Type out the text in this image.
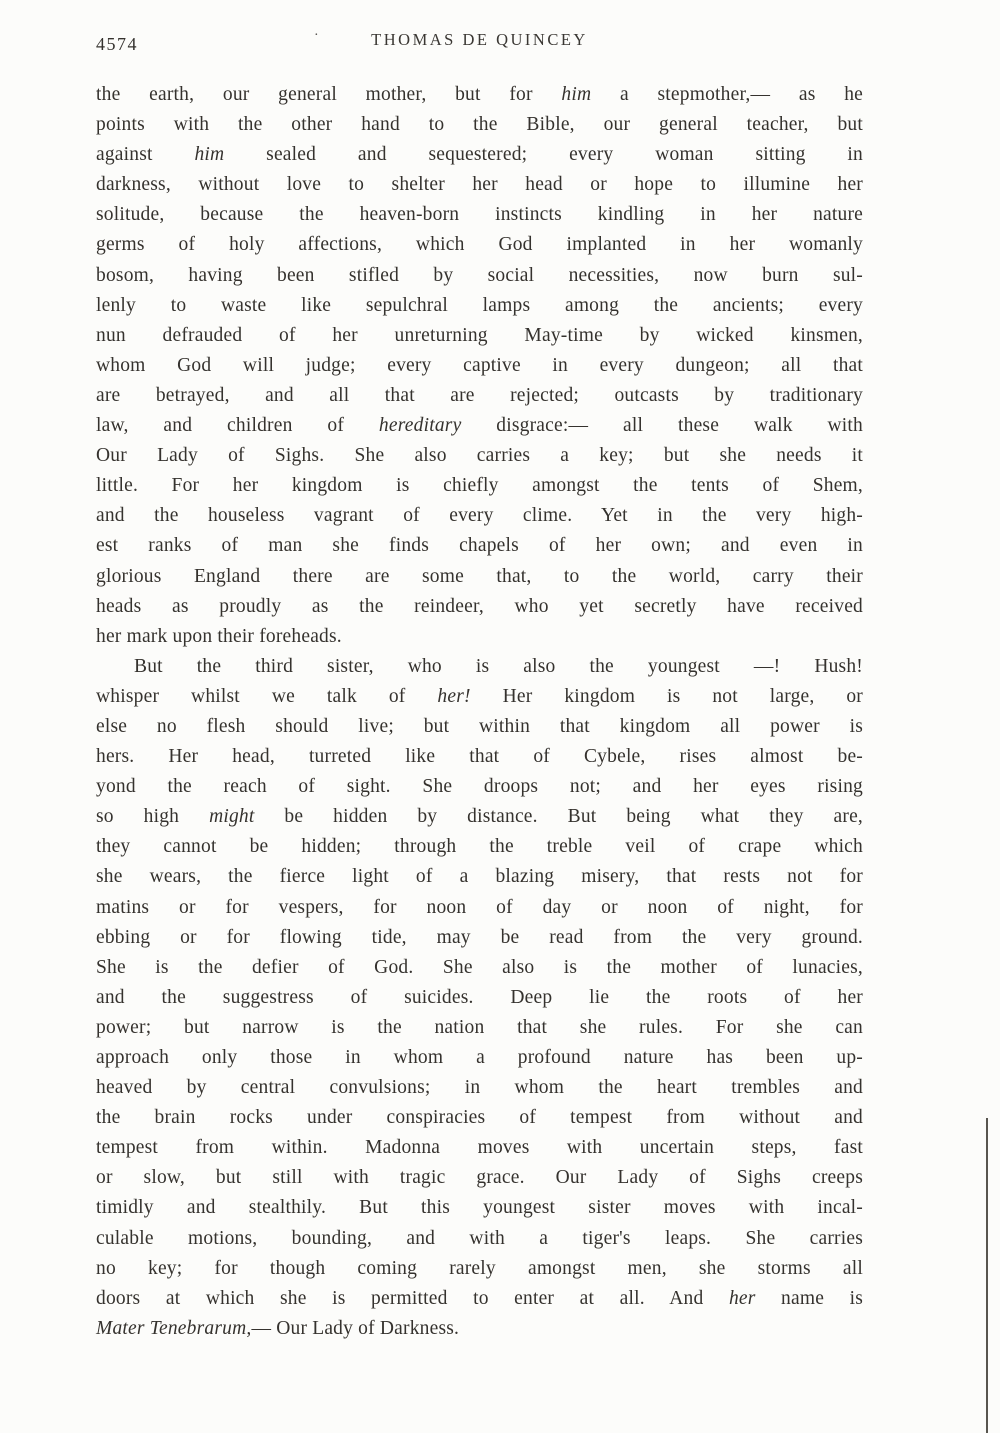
4574	·	THOMAS DE QUINCEY
the earth, our general mother, but for him a stepmother,— as he
points with the other hand to the Bible, our general teacher, but
against him sealed and sequestered; every woman sitting in
darkness, without love to shelter her head or hope to illumine her
solitude, because the heaven-born instincts kindling in her nature
germs of holy affections, which God implanted in her womanly
bosom, having been stifled by social necessities, now burn sul-
lenly to waste like sepulchral lamps among the ancients; every
nun defrauded of her unreturning May-time by wicked kinsmen,
whom God will judge; every captive in every dungeon; all that
are betrayed, and all that are rejected; outcasts by traditionary
law, and children of hereditary disgrace:— all these walk with
Our Lady of Sighs. She also carries a key; but she needs it
little. For her kingdom is chiefly amongst the tents of Shem,
and the houseless vagrant of every clime. Yet in the very high-
est ranks of man she finds chapels of her own; and even in
glorious England there are some that, to the world, carry their
heads as proudly as the reindeer, who yet secretly have received
her mark upon their foreheads.
But the third sister, who is also the youngest —! Hush!
whisper whilst we talk of her! Her kingdom is not large, or
else no flesh should live; but within that kingdom all power is
hers. Her head, turreted like that of Cybele, rises almost be-
yond the reach of sight. She droops not; and her eyes rising
so high might be hidden by distance. But being what they are,
they cannot be hidden; through the treble veil of crape which
she wears, the fierce light of a blazing misery, that rests not for
matins or for vespers, for noon of day or noon of night, for
ebbing or for flowing tide, may be read from the very ground.
She is the defier of God. She also is the mother of lunacies,
and the suggestress of suicides. Deep lie the roots of her
power; but narrow is the nation that she rules. For she can
approach only those in whom a profound nature has been up-
heaved by central convulsions; in whom the heart trembles and
the brain rocks under conspiracies of tempest from without and
tempest from within. Madonna moves with uncertain steps, fast
or slow, but still with tragic grace. Our Lady of Sighs creeps
timidly and stealthily. But this youngest sister moves with incal-
culable motions, bounding, and with a tiger's leaps. She carries
no key; for though coming rarely amongst men, she storms all
doors at which she is permitted to enter at all. And her name is
Mater Tenebrarum,— Our Lady of Darkness.
